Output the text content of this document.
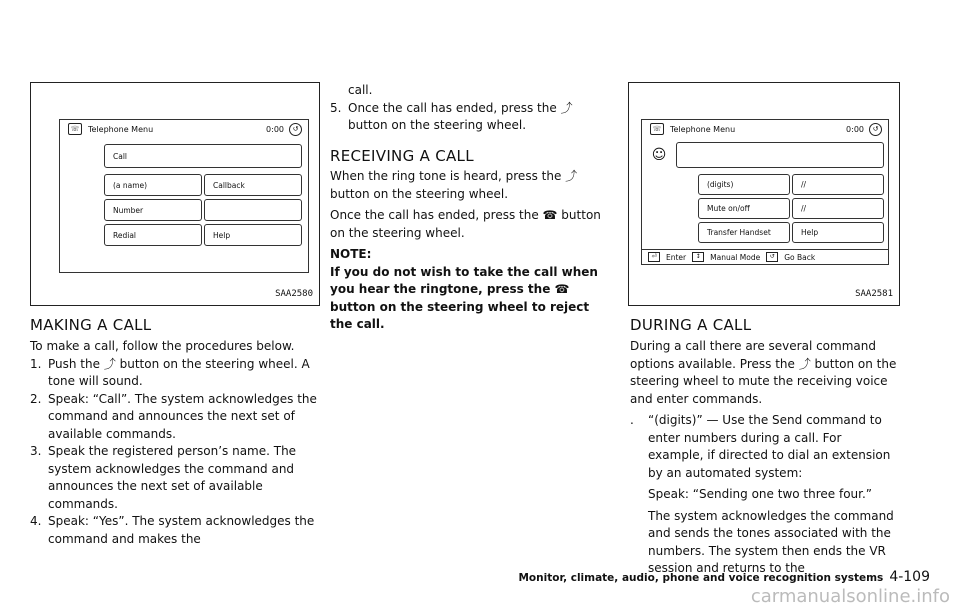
☏	Telephone Menu	0:00	↺
Call
(a name)	Callback
Number
Redial	Help
SAA2580
MAKING A CALL

To make a call, follow the procedures below.

1. Push the ⤴ button on the steering wheel. A tone will sound.
2. Speak: “Call”. The system acknowledges the command and announces the next set of available commands.
3. Speak the registered person’s name. The system acknowledges the command and announces the next set of available commands.
4. Speak: “Yes”. The system acknowledges the command and makes the

call.

5. Once the call has ended, press the ⤴ button on the steering wheel.
RECEIVING A CALL

When the ring tone is heard, press the ⤴ button on the steering wheel.

Once the call has ended, press the ☎ button on the steering wheel.

NOTE:

If you do not wish to take the call when you hear the ringtone, press the ☎ button on the steering wheel to reject the call.

☏	Telephone Menu	0:00	↺
☺
(digits)	//
Mute on/off	//
Transfer Handset	Help
⏎	Enter	↕	Manual Mode	↺	Go Back
SAA2581
DURING A CALL

During a call there are several command options available. Press the ⤴ button on the steering wheel to mute the receiving voice and enter commands.

.	“(digits)” — Use the Send command to enter numbers during a call. For example, if directed to dial an extension by an automated system:

Speak: “Sending one two three four.”

The system acknowledges the command and sends the tones associated with the numbers. The system then ends the VR session and returns to the

Monitor, climate, audio, phone and voice recognition systems 4-109
carmanualsonline.info
